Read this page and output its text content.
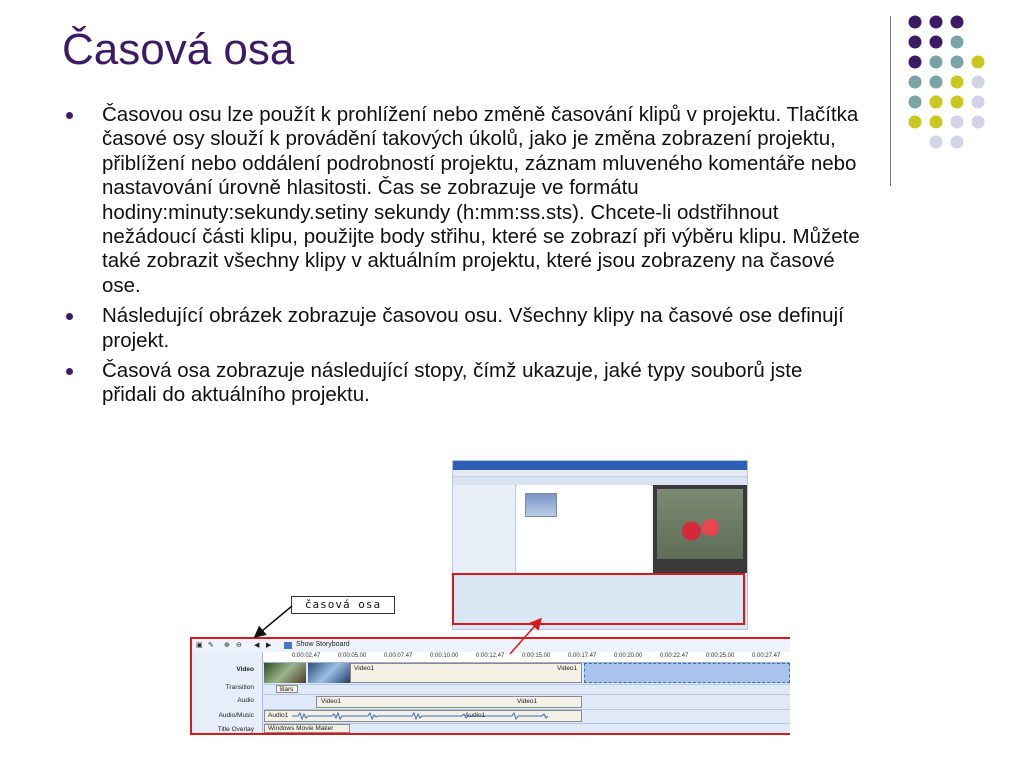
Časová osa
Časovou osu lze použít k prohlížení nebo změně časování klipů v projektu. Tlačítka časové osy slouží k provádění takových úkolů, jako je změna zobrazení projektu, přiblížení nebo oddálení podrobností projektu, záznam mluveného komentáře nebo nastavování úrovně hlasitosti. Čas se zobrazuje ve formátu hodiny:minuty:sekundy.setiny sekundy (h:mm:ss.sts). Chcete-li odstřihnout nežádoucí části klipu, použijte body střihu, které se zobrazí při výběru klipu. Můžete také zobrazit všechny klipy v aktuálním projektu, které jsou zobrazeny na časové ose.
Následující obrázek zobrazuje časovou osu. Všechny klipy na časové ose definují projekt.
Časová osa zobrazuje následující stopy, čímž ukazuje, jaké typy souborů jste přidali do aktuálního projektu.
▣ ✎ ⊕ ⊖ ◀ ▶	Show Storyboard
0:00:02.47	0:00:05.00	0:00:07.47	0:00:10.00	0:00:12.47	0:00:15.00	0:00:17.47	0:00:20.00	0:00:22.47	0:00:25.00	0:00:27.47
Video
Transition
Audio
Audio/Music
Title Overlay
Video1	Video1
Bars
Video1	Video1
Audio1	Audio1
Windows Movie Maker
časová osa
